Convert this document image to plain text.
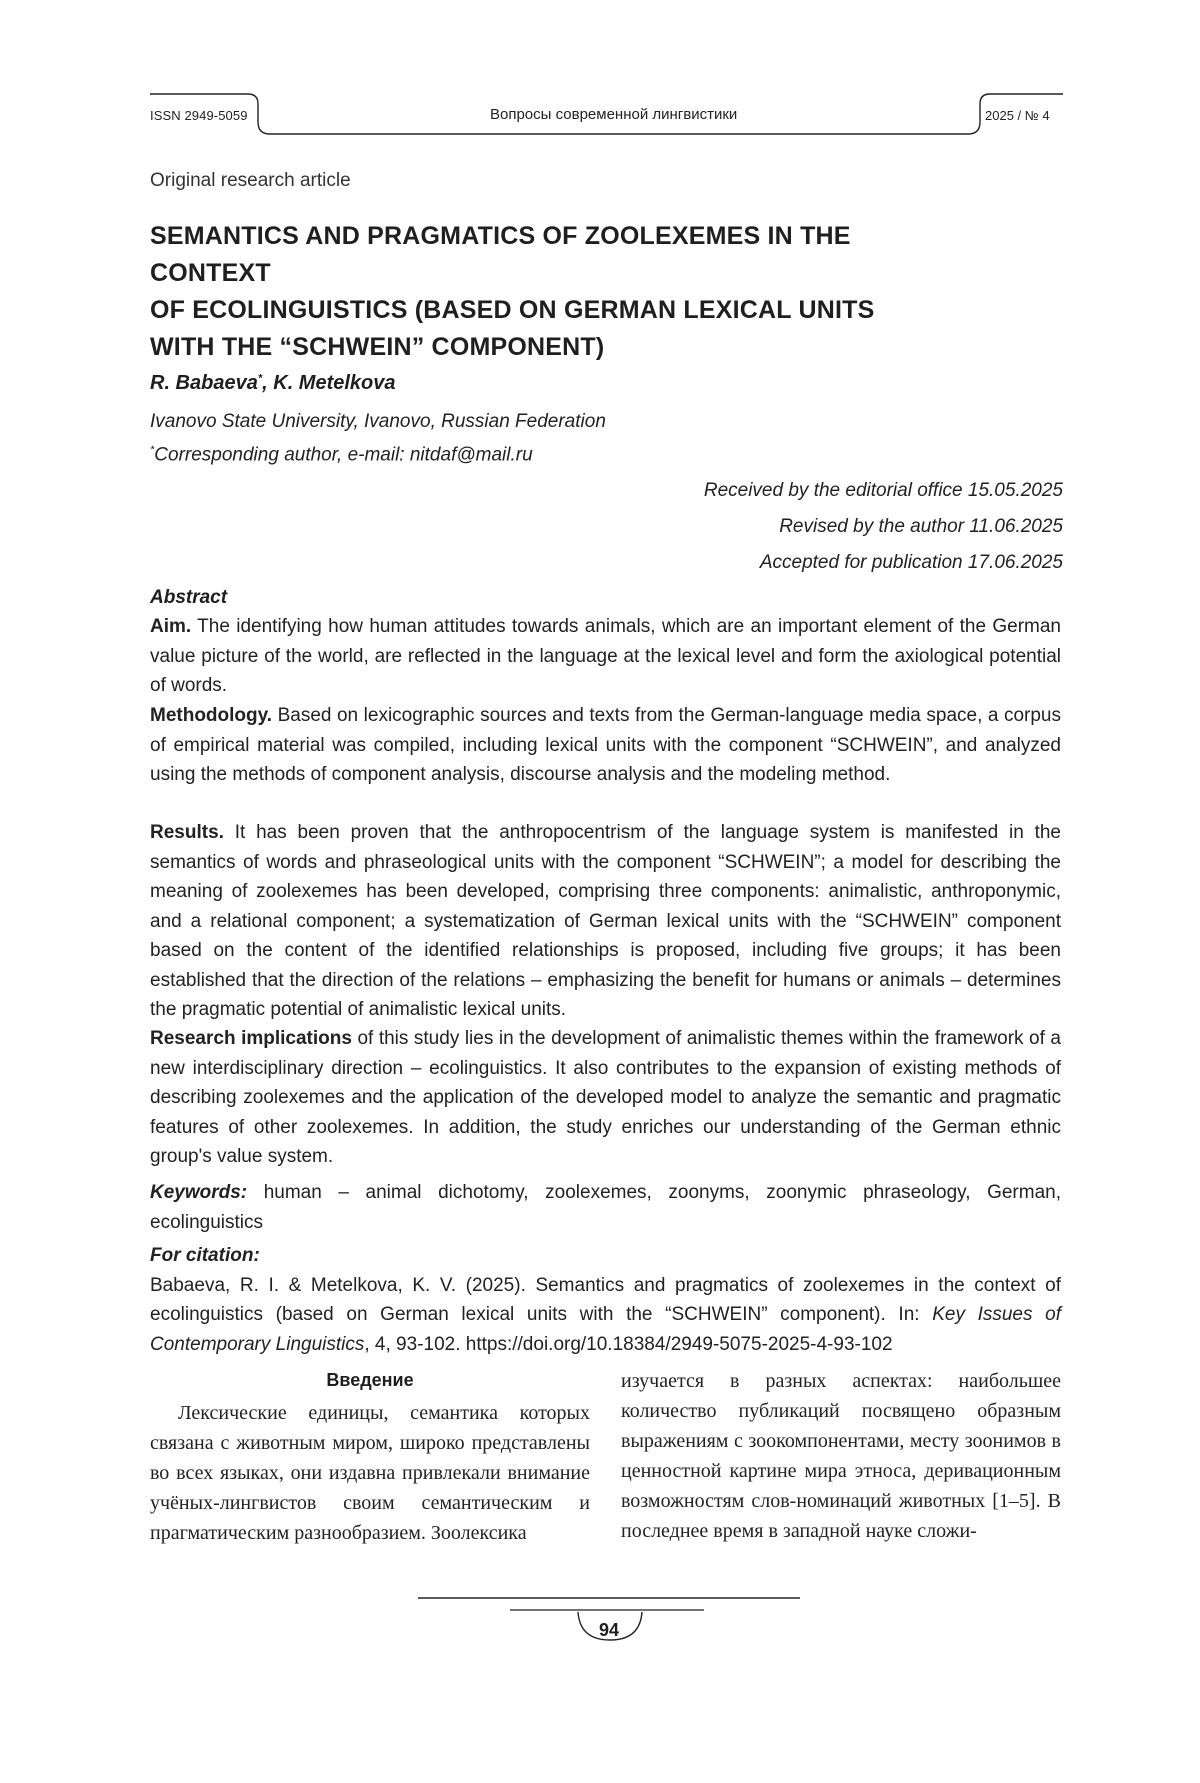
ISSN 2949-5059	Вопросы современной лингвистики	2025 / № 4
Original research article
SEMANTICS AND PRAGMATICS OF ZOOLEXEMES IN THE CONTEXT
OF ECOLINGUISTICS (BASED ON GERMAN LEXICAL UNITS
WITH THE “SCHWEIN” COMPONENT)
R. Babaeva*, K. Metelkova
Ivanovo State University, Ivanovo, Russian Federation
*Corresponding author, e-mail: nitdaf@mail.ru
Received by the editorial office 15.05.2025
Revised by the author 11.06.2025
Accepted for publication 17.06.2025
Abstract
Aim. The identifying how human attitudes towards animals, which are an important element of the German value picture of the world, are reflected in the language at the lexical level and form the axiological potential of words.
Methodology. Based on lexicographic sources and texts from the German-language media space, a corpus of empirical material was compiled, including lexical units with the component “SCHWEIN”, and analyzed using the methods of component analysis, discourse analysis and the modeling method.
Results. It has been proven that the anthropocentrism of the language system is manifested in the semantics of words and phraseological units with the component “SCHWEIN”; a model for describing the meaning of zoolexemes has been developed, comprising three components: animalistic, anthroponymic, and a relational component; a systematization of German lexical units with the “SCHWEIN” component based on the content of the identified relationships is proposed, including five groups; it has been established that the direction of the relations – emphasizing the benefit for humans or animals – determines the pragmatic potential of animalistic lexical units.
Research implications of this study lies in the development of animalistic themes within the framework of a new interdisciplinary direction – ecolinguistics. It also contributes to the expansion of existing methods of describing zoolexemes and the application of the developed model to analyze the semantic and pragmatic features of other zoolexemes. In addition, the study enriches our understanding of the German ethnic group's value system.
Keywords: human – animal dichotomy, zoolexemes, zoonyms, zoonymic phraseology, German, ecolinguistics
For citation:
Babaeva, R. I. & Metelkova, K. V. (2025). Semantics and pragmatics of zoolexemes in the context of ecolinguistics (based on German lexical units with the “SCHWEIN” component). In: Key Issues of Contemporary Linguistics, 4, 93-102. https://doi.org/10.18384/2949-5075-2025-4-93-102
Введение

Лексические единицы, семантика которых связана с животным миром, широко представлены во всех языках, они издавна привлекали внимание учёных-лингвистов своим семантическим и прагматическим разнообразием. Зоолексика

изучается в разных аспектах: наибольшее количество публикаций посвящено образным выражениям с зоокомпонентами, месту зоонимов в ценностной картине мира этноса, деривационным возможностям слов-номинаций животных [1–5]. В последнее время в западной науке сложи-

94
